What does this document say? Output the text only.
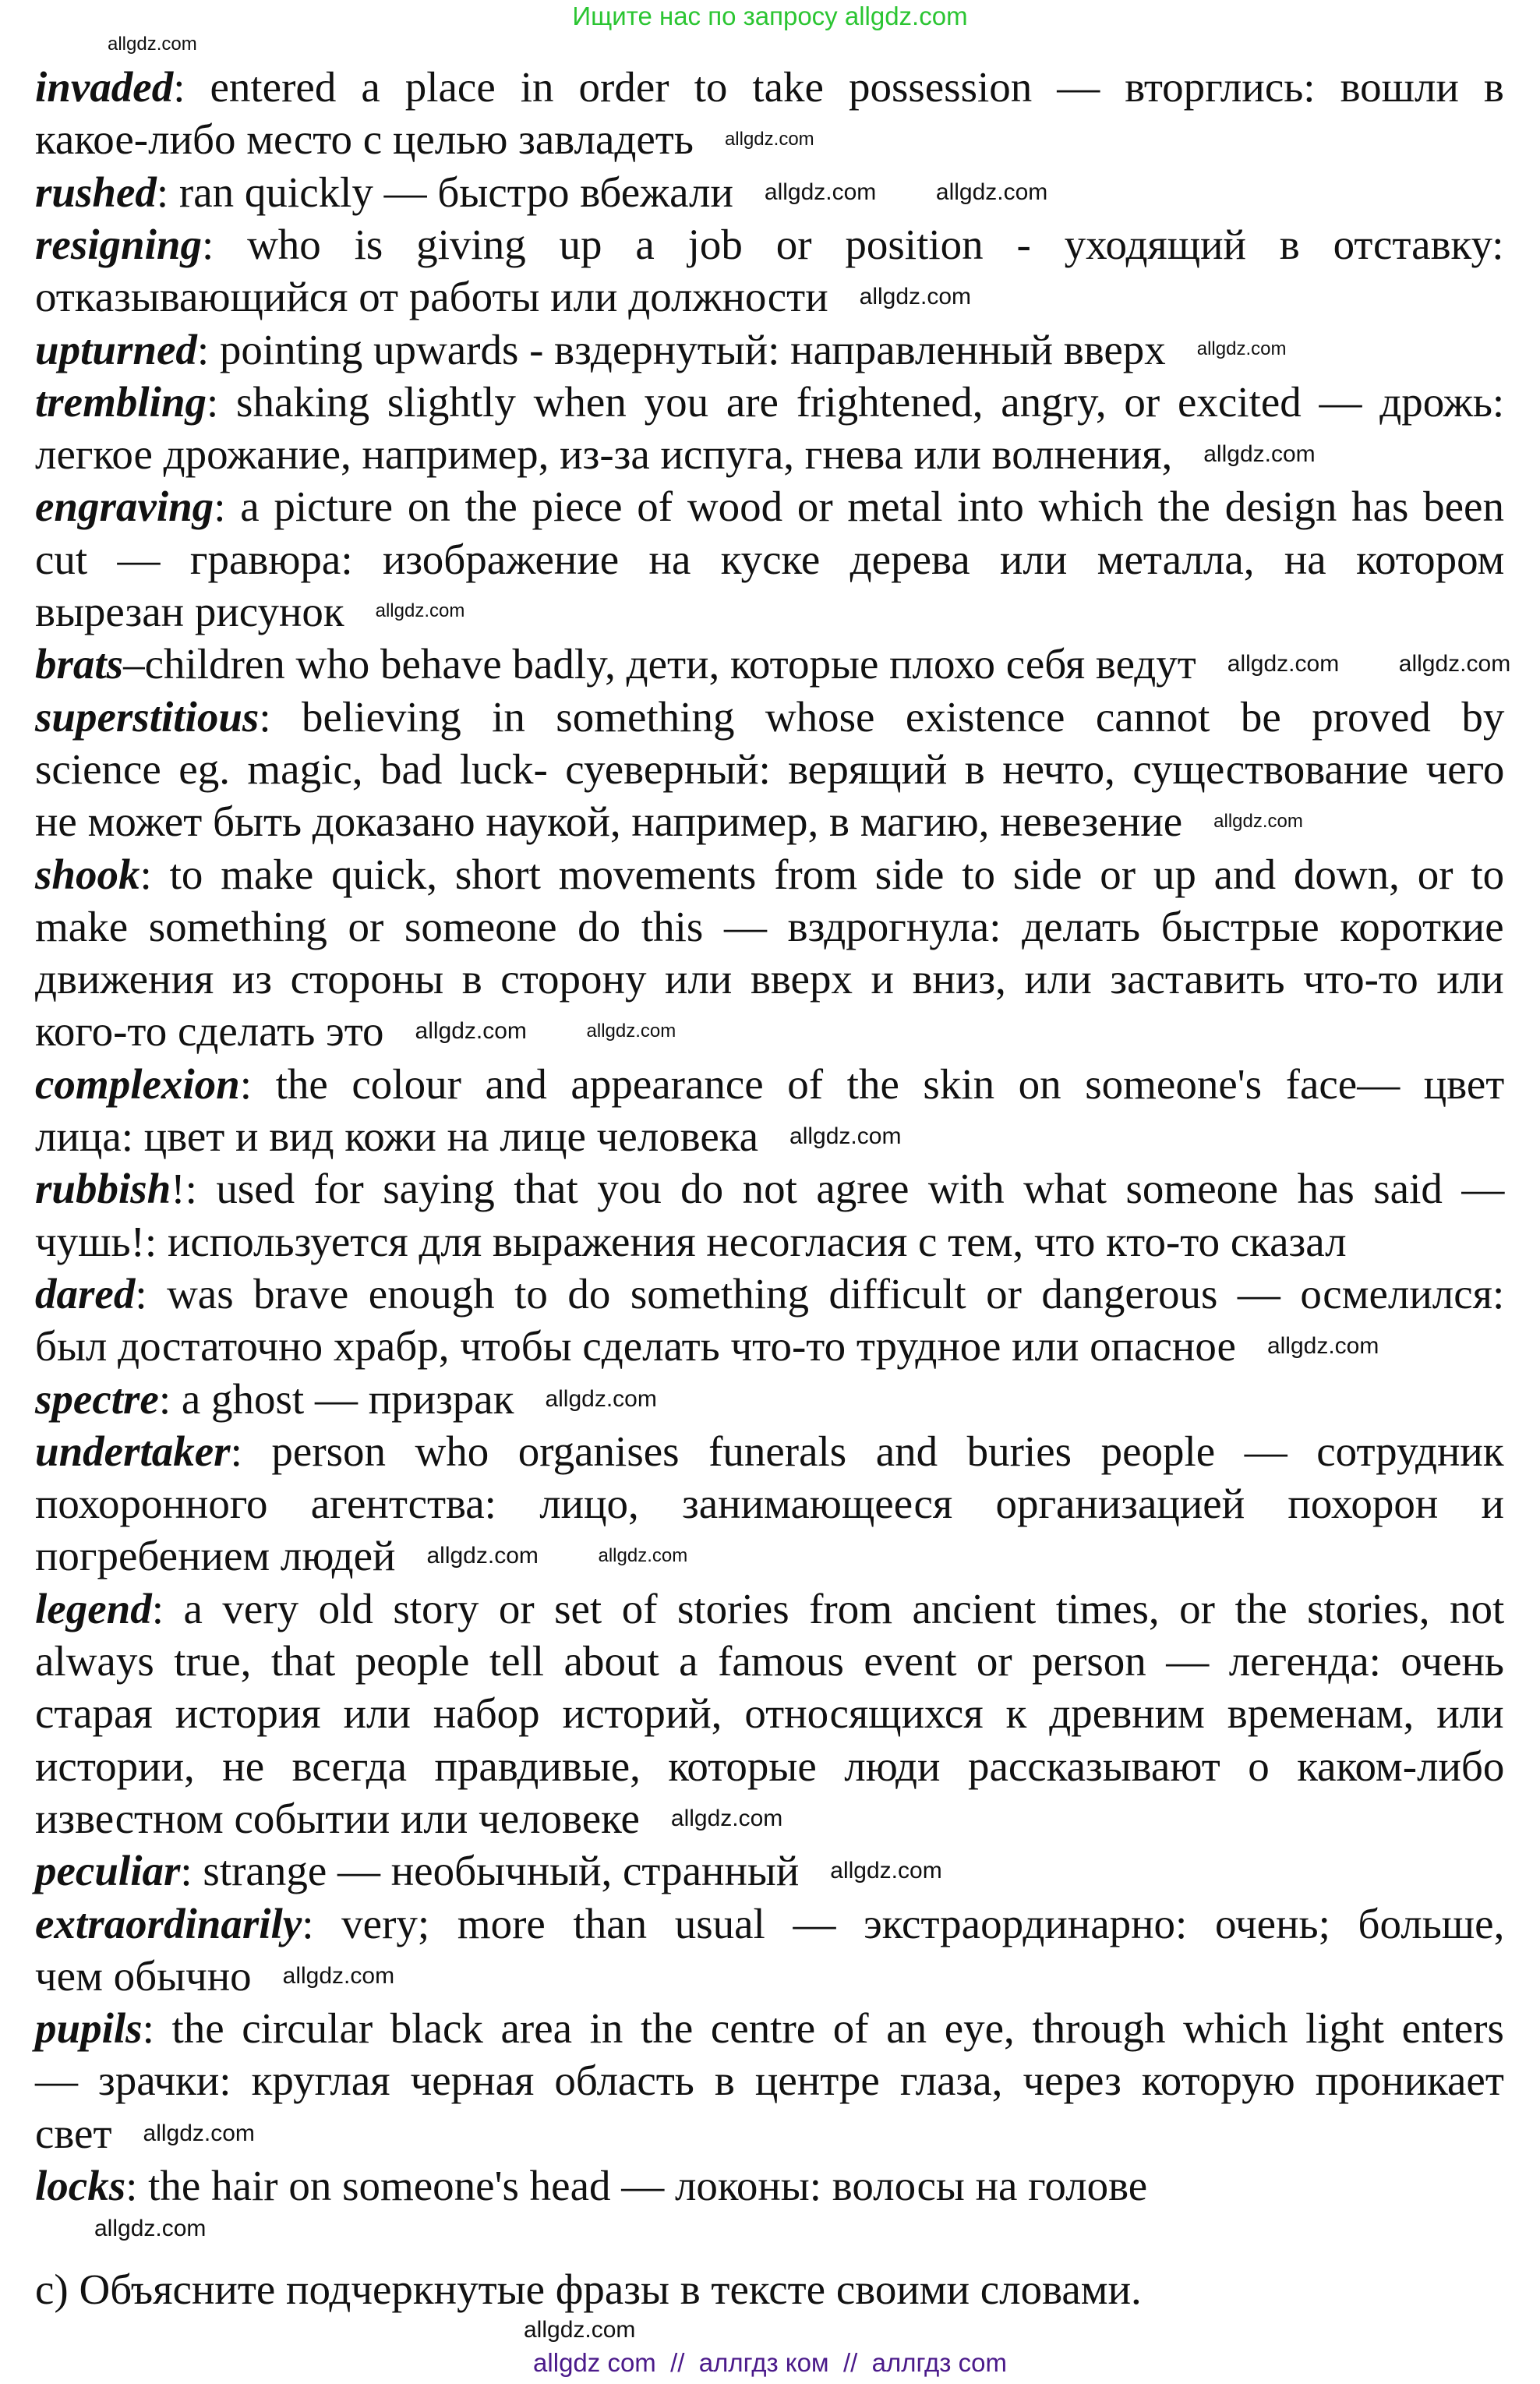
Ищите нас по запросу allgdz.com
invaded: entered a place in order to take possession — вторглись: вошли в
какое-либо место с целью завладеть
rushed: ran quickly — быстро вбежали
resigning: who is giving up a job or position - уходящий в отставку:
отказывающийся от работы или должности
upturned: pointing upwards - вздернутый: направленный вверх
trembling: shaking slightly when you are frightened, angry, or excited — дрожь:
легкое дрожание, например, из-за испуга, гнева или волнения,
engraving: a picture on the piece of wood or metal into which the design has been
cut — гравюра: изображение на куске дерева или металла, на котором
вырезан рисунок
brats–children who behave badly, дети, которые плохо себя ведут
superstitious: believing in something whose existence cannot be proved by
science eg. magic, bad luck- суеверный: верящий в нечто, существование чего
не может быть доказано наукой, например, в магию, невезение
shook: to make quick, short movements from side to side or up and down, or to
make something or someone do this — вздрогнула: делать быстрые короткие
движения из стороны в сторону или вверх и вниз, или заставить что-то или
кого-то сделать это
complexion: the colour and appearance of the skin on someone's face— цвет
лица: цвет и вид кожи на лице человека
rubbish!: used for saying that you do not agree with what someone has said —
чушь!: используется для выражения несогласия с тем, что кто-то сказал
dared: was brave enough to do something difficult or dangerous — осмелился:
был достаточно храбр, чтобы сделать что-то трудное или опасное
spectre: a ghost — призрак
undertaker: person who organises funerals and buries people — сотрудник
похоронного агентства: лицо, занимающееся организацией похорон и
погребением людей
legend: a very old story or set of stories from ancient times, or the stories, not
always true, that people tell about a famous event or person — легенда: очень
старая история или набор историй, относящихся к древним временам, или
истории, не всегда правдивые, которые люди рассказывают о каком-либо
известном событии или человеке
peculiar: strange — необычный, странный
extraordinarily: very; more than usual — экстраординарно: очень; больше,
чем обычно
pupils: the circular black area in the centre of an eye, through which light enters
— зрачки: круглая черная область в центре глаза, через которую проникает
свет
locks: the hair on someone's head — локоны: волосы на голове
c) Объясните подчеркнутые фразы в тексте своими словами.
allgdz.com
allgdz.com
allgdz.com
allgdz.com
allgdz.com	allgdz.com
allgdz.com
allgdz.com
allgdz.com
allgdz.com
allgdz.com	allgdz.com
allgdz.com
allgdz.com	allgdz.com
allgdz.com
allgdz.com
allgdz.com
allgdz.com	allgdz.com
allgdz.com
allgdz.com
allgdz.com
allgdz.com
allgdz com  //  аллгдз ком  //  аллгдз com
